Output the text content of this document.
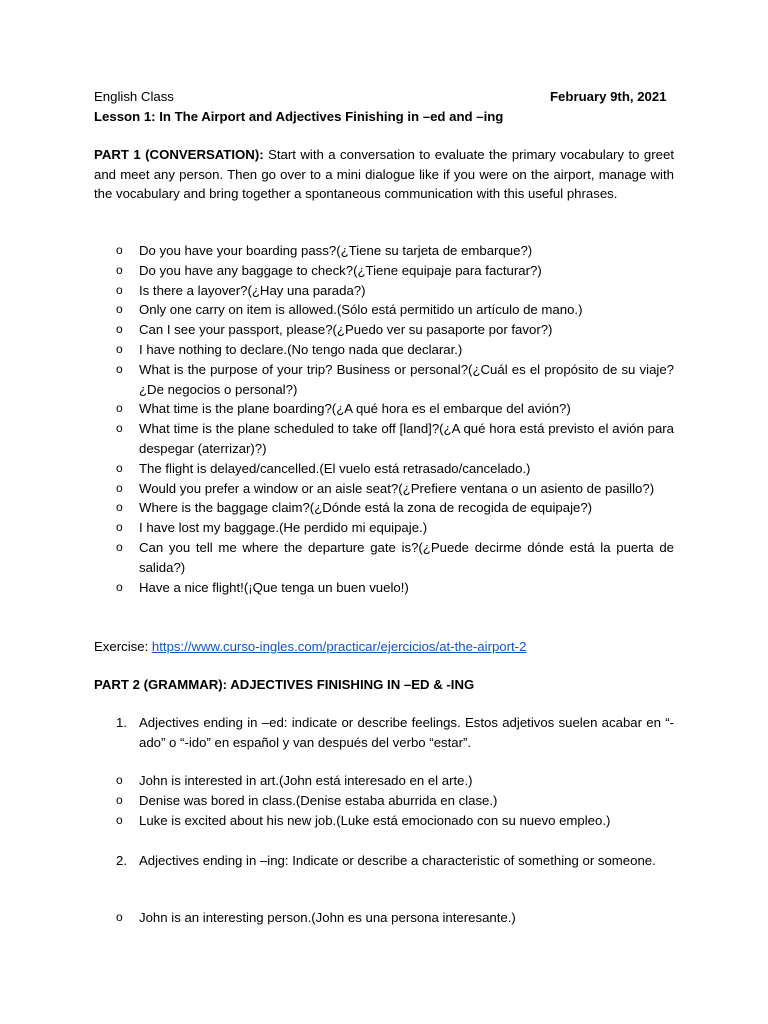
English Class	February 9th, 2021
Lesson 1: In The Airport and Adjectives Finishing in –ed and –ing
PART 1 (CONVERSATION): Start with a conversation to evaluate the primary vocabulary to greet and meet any person. Then go over to a mini dialogue like if you were on the airport, manage with the vocabulary and bring together a spontaneous communication with this useful phrases.
o Do you have your boarding pass?(¿Tiene su tarjeta de embarque?)
o Do you have any baggage to check?(¿Tiene equipaje para facturar?)
o Is there a layover?(¿Hay una parada?)
o Only one carry on item is allowed.(Sólo está permitido un artículo de mano.)
o Can I see your passport, please?(¿Puedo ver su pasaporte por favor?)
o I have nothing to declare.(No tengo nada que declarar.)
o What is the purpose of your trip? Business or personal?(¿Cuál es el propósito de su viaje? ¿De negocios o personal?)
o What time is the plane boarding?(¿A qué hora es el embarque del avión?)
o What time is the plane scheduled to take off [land]?(¿A qué hora está previsto el avión para despegar (aterrizar)?)
o The flight is delayed/cancelled.(El vuelo está retrasado/cancelado.)
o Would you prefer a window or an aisle seat?(¿Prefiere ventana o un asiento de pasillo?)
o Where is the baggage claim?(¿Dónde está la zona de recogida de equipaje?)
o I have lost my baggage.(He perdido mi equipaje.)
o Can you tell me where the departure gate is?(¿Puede decirme dónde está la puerta de salida?)
o Have a nice flight!(¡Que tenga un buen vuelo!)
Exercise: https://www.curso-ingles.com/practicar/ejercicios/at-the-airport-2
PART 2 (GRAMMAR): ADJECTIVES FINISHING IN –ED & -ING
1. Adjectives ending in –ed: indicate or describe feelings. Estos adjetivos suelen acabar en “-ado” o “-ido” en español y van después del verbo “estar”.
o John is interested in art.(John está interesado en el arte.)
o Denise was bored in class.(Denise estaba aburrida en clase.)
o Luke is excited about his new job.(Luke está emocionado con su nuevo empleo.)
2. Adjectives ending in –ing: Indicate or describe a characteristic of something or someone.
o John is an interesting person.(John es una persona interesante.)
